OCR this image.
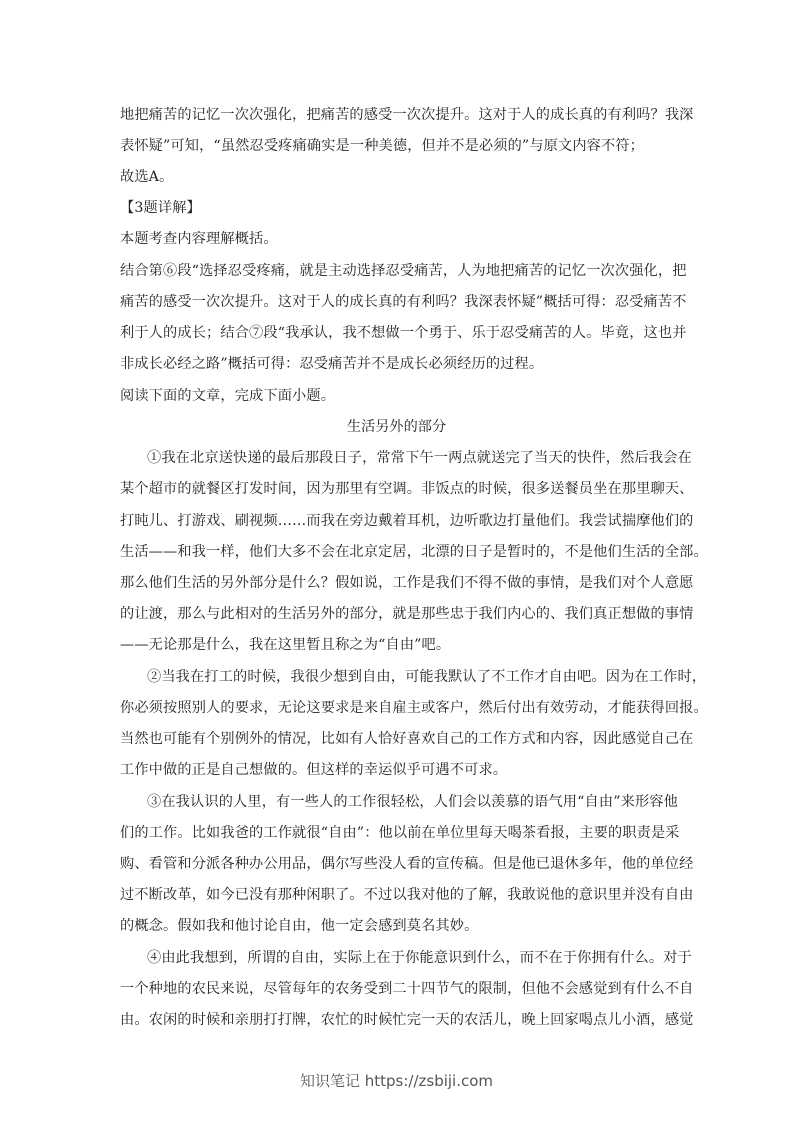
地把痛苦的记忆一次次强化，把痛苦的感受一次次提升。这对于人的成长真的有利吗？我深
表怀疑”可知，“虽然忍受疼痛确实是一种美德，但并不是必须的”与原文内容不符；
故选A。
【3题详解】
本题考查内容理解概括。
结合第⑥段“选择忍受疼痛，就是主动选择忍受痛苦，人为地把痛苦的记忆一次次强化，把
痛苦的感受一次次提升。这对于人的成长真的有利吗？我深表怀疑”概括可得：忍受痛苦不
利于人的成长；结合⑦段“我承认，我不想做一个勇于、乐于忍受痛苦的人。毕竟，这也并
非成长必经之路”概括可得：忍受痛苦并不是成长必须经历的过程。
阅读下面的文章，完成下面小题。
生活另外的部分
①我在北京送快递的最后那段日子，常常下午一两点就送完了当天的快件，然后我会在
某个超市的就餐区打发时间，因为那里有空调。非饭点的时候，很多送餐员坐在那里聊天、
打盹儿、打游戏、刷视频……而我在旁边戴着耳机，边听歌边打量他们。我尝试揣摩他们的
生活——和我一样，他们大多不会在北京定居，北漂的日子是暂时的，不是他们生活的全部。
那么他们生活的另外部分是什么？假如说，工作是我们不得不做的事情，是我们对个人意愿
的让渡，那么与此相对的生活另外的部分，就是那些忠于我们内心的、我们真正想做的事情
——无论那是什么，我在这里暂且称之为“自由”吧。
②当我在打工的时候，我很少想到自由，可能我默认了不工作才自由吧。因为在工作时，
你必须按照别人的要求，无论这要求是来自雇主或客户，然后付出有效劳动，才能获得回报。
当然也可能有个别例外的情况，比如有人恰好喜欢自己的工作方式和内容，因此感觉自己在
工作中做的正是自己想做的。但这样的幸运似乎可遇不可求。
③在我认识的人里，有一些人的工作很轻松，人们会以羡慕的语气用“自由”来形容他
们的工作。比如我爸的工作就很“自由”：他以前在单位里每天喝茶看报，主要的职责是采
购、看管和分派各种办公用品，偶尔写些没人看的宣传稿。但是他已退休多年，他的单位经
过不断改革，如今已没有那种闲职了。不过以我对他的了解，我敢说他的意识里并没有自由
的概念。假如我和他讨论自由，他一定会感到莫名其妙。
④由此我想到，所谓的自由，实际上在于你能意识到什么，而不在于你拥有什么。对于
一个种地的农民来说，尽管每年的农务受到二十四节气的限制，但他不会感觉到有什么不自
由。农闲的时候和亲朋打打牌，农忙的时候忙完一天的农活儿，晚上回家喝点儿小酒，感觉
知识笔记 https://zsbiji.com
